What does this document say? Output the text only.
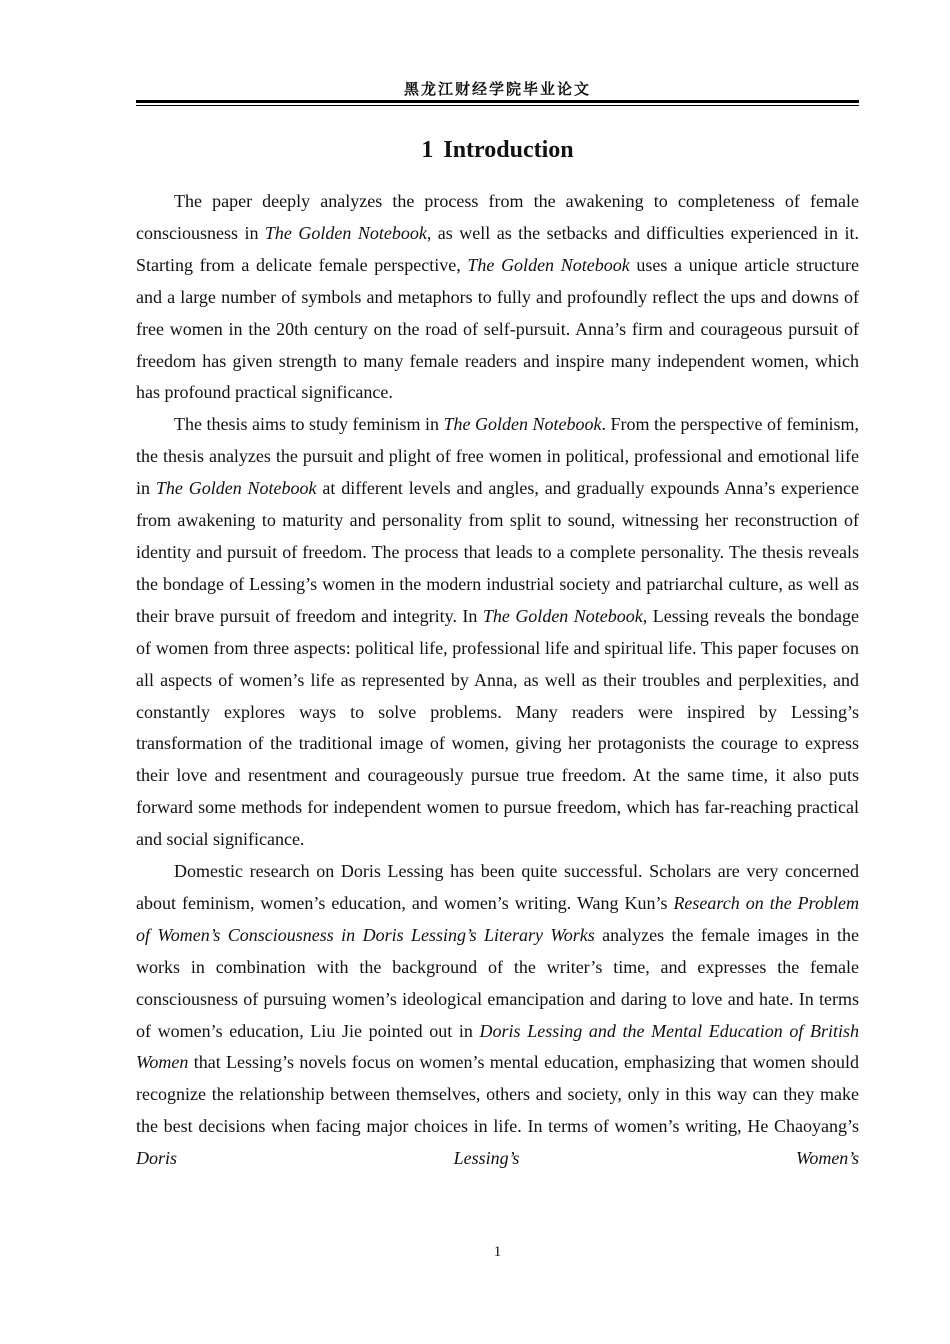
黑龙江财经学院毕业论文
1 Introduction

The paper deeply analyzes the process from the awakening to completeness of female consciousness in The Golden Notebook, as well as the setbacks and difficulties experienced in it. Starting from a delicate female perspective, The Golden Notebook uses a unique article structure and a large number of symbols and metaphors to fully and profoundly reflect the ups and downs of free women in the 20th century on the road of self-pursuit. Anna’s firm and courageous pursuit of freedom has given strength to many female readers and inspire many independent women, which has profound practical significance.

The thesis aims to study feminism in The Golden Notebook. From the perspective of feminism, the thesis analyzes the pursuit and plight of free women in political, professional and emotional life in The Golden Notebook at different levels and angles, and gradually expounds Anna’s experience from awakening to maturity and personality from split to sound, witnessing her reconstruction of identity and pursuit of freedom. The process that leads to a complete personality. The thesis reveals the bondage of Lessing’s women in the modern industrial society and patriarchal culture, as well as their brave pursuit of freedom and integrity. In The Golden Notebook, Lessing reveals the bondage of women from three aspects: political life, professional life and spiritual life. This paper focuses on all aspects of women’s life as represented by Anna, as well as their troubles and perplexities, and constantly explores ways to solve problems. Many readers were inspired by Lessing’s transformation of the traditional image of women, giving her protagonists the courage to express their love and resentment and courageously pursue true freedom. At the same time, it also puts forward some methods for independent women to pursue freedom, which has far-reaching practical and social significance.

Domestic research on Doris Lessing has been quite successful. Scholars are very concerned about feminism, women’s education, and women’s writing. Wang Kun’s Research on the Problem of Women’s Consciousness in Doris Lessing’s Literary Works analyzes the female images in the works in combination with the background of the writer’s time, and expresses the female consciousness of pursuing women’s ideological emancipation and daring to love and hate. In terms of women’s education, Liu Jie pointed out in Doris Lessing and the Mental Education of British Women that Lessing’s novels focus on women’s mental education, emphasizing that women should recognize the relationship between themselves, others and society, only in this way can they make the best decisions when facing major choices in life. In terms of women’s writing, He Chaoyang’s Doris Lessing’s Women’s

1
